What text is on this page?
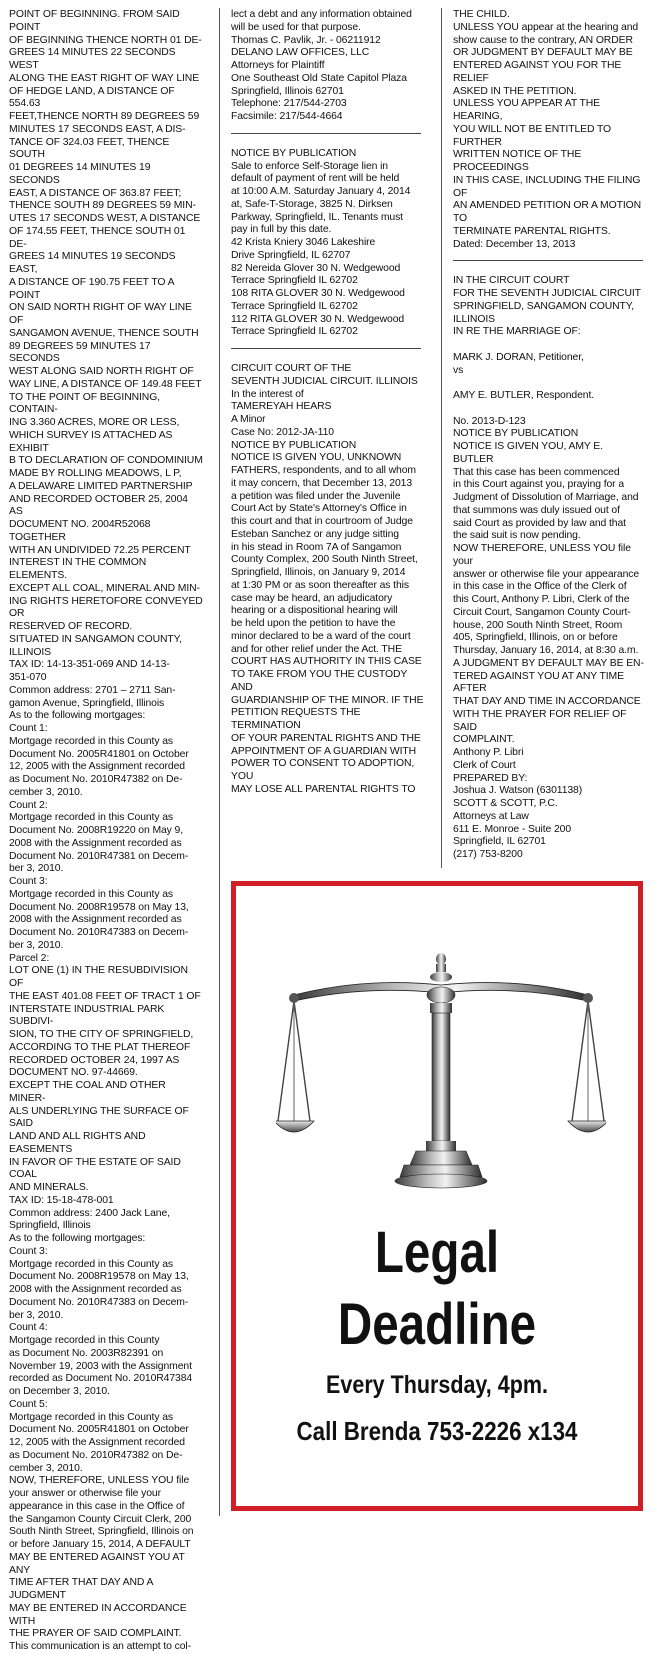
POINT OF BEGINNING. FROM SAID POINT
OF BEGINNING THENCE NORTH 01 DE-
GREES 14 MINUTES 22 SECONDS WEST
ALONG THE EAST RIGHT OF WAY LINE
OF HEDGE LAND, A DISTANCE OF 554.63
FEET,THENCE NORTH 89 DEGREES 59
MINUTES 17 SECONDS EAST, A DIS-
TANCE OF 324.03 FEET, THENCE SOUTH
01 DEGREES 14 MINUTES 19 SECONDS
EAST, A DISTANCE OF 363.87 FEET;
THENCE SOUTH 89 DEGREES 59 MIN-
UTES 17 SECONDS WEST, A DISTANCE
OF 174.55 FEET, THENCE SOUTH 01 DE-
GREES 14 MINUTES 19 SECONDS EAST,
A DISTANCE OF 190.75 FEET TO A POINT
ON SAID NORTH RIGHT OF WAY LINE OF
SANGAMON AVENUE, THENCE SOUTH
89 DEGREES 59 MINUTES 17 SECONDS
WEST ALONG SAID NORTH RIGHT OF
WAY LINE, A DISTANCE OF 149.48 FEET
TO THE POINT OF BEGINNING, CONTAIN-
ING 3.360 ACRES, MORE OR LESS,
WHICH SURVEY IS ATTACHED AS EXHIBIT
B TO DECLARATION OF CONDOMINIUM
MADE BY ROLLING MEADOWS, L P,
A DELAWARE LIMITED PARTNERSHIP
AND RECORDED OCTOBER 25, 2004 AS
DOCUMENT NO. 2004R52068 TOGETHER
WITH AN UNDIVIDED 72.25 PERCENT
INTEREST IN THE COMMON ELEMENTS.
EXCEPT ALL COAL, MINERAL AND MIN-
ING RIGHTS HERETOFORE CONVEYED OR
RESERVED OF RECORD.
SITUATED IN SANGAMON COUNTY,
ILLINOIS
TAX ID: 14-13-351-069 AND 14-13-
351-070
Common address: 2701 – 2711 San-
gamon Avenue, Springfield, Illinois
As to the following mortgages:
Count 1:
Mortgage recorded in this County as
Document No. 2005R41801 on October
12, 2005 with the Assignment recorded
as Document No. 2010R47382 on De-
cember 3, 2010.
Count 2:
Mortgage recorded in this County as
Document No. 2008R19220 on May 9,
2008 with the Assignment recorded as
Document No. 2010R47381 on Decem-
ber 3, 2010.
Count 3:
Mortgage recorded in this County as
Document No. 2008R19578 on May 13,
2008 with the Assignment recorded as
Document No. 2010R47383 on Decem-
ber 3, 2010.
Parcel 2:
LOT ONE (1) IN THE RESUBDIVISION OF
THE EAST 401.08 FEET OF TRACT 1 OF
INTERSTATE INDUSTRIAL PARK SUBDIVI-
SION, TO THE CITY OF SPRINGFIELD,
ACCORDING TO THE PLAT THEREOF
RECORDED OCTOBER 24, 1997 AS
DOCUMENT NO. 97-44669.
EXCEPT THE COAL AND OTHER MINER-
ALS UNDERLYING THE SURFACE OF SAID
LAND AND ALL RIGHTS AND EASEMENTS
IN FAVOR OF THE ESTATE OF SAID COAL
AND MINERALS.
TAX ID: 15-18-478-001
Common address: 2400 Jack Lane,
Springfield, Illinois
As to the following mortgages:
Count 3:
Mortgage recorded in this County as
Document No. 2008R19578 on May 13,
2008 with the Assignment recorded as
Document No. 2010R47383 on Decem-
ber 3, 2010.
Count 4:
Mortgage recorded in this County
as Document No. 2003R82391 on
November 19, 2003 with the Assignment
recorded as Document No. 2010R47384
on December 3, 2010.
Count 5:
Mortgage recorded in this County as
Document No. 2005R41801 on October
12, 2005 with the Assignment recorded
as Document No. 2010R47382 on De-
cember 3, 2010.
NOW, THEREFORE, UNLESS YOU file
your answer or otherwise file your
appearance in this case in the Office of
the Sangamon County Circuit Clerk, 200
South Ninth Street, Springfield, Illinois on
or before January 15, 2014, A DEFAULT
MAY BE ENTERED AGAINST YOU AT ANY
TIME AFTER THAT DAY AND A JUDGMENT
MAY BE ENTERED IN ACCORDANCE WITH
THE PRAYER OF SAID COMPLAINT.
This communication is an attempt to col-

lect a debt and any information obtained
will be used for that purpose.
Thomas C. Pavlik, Jr. - 06211912
DELANO LAW OFFICES, LLC
Attorneys for Plaintiff
One Southeast Old State Capitol Plaza
Springfield, Illinois 62701
Telephone: 217/544-2703
Facsimile: 217/544-4664

NOTICE BY PUBLICATION
Sale to enforce Self-Storage lien in
default of payment of rent will be held
at 10:00 A.M. Saturday January 4, 2014
at, Safe-T-Storage, 3825 N. Dirksen
Parkway, Springfield, IL. Tenants must
pay in full by this date.
42 Krista Kniery 3046 Lakeshire
Drive Springfield, IL 62707
82 Nereida Glover 30 N. Wedgewood
Terrace Springfield IL 62702
108 RITA GLOVER 30 N. Wedgewood
Terrace Springfield IL 62702
112 RITA GLOVER 30 N. Wedgewood
Terrace Springfield IL 62702

CIRCUIT COURT OF THE
SEVENTH JUDICIAL CIRCUIT. ILLINOIS
In the interest of
TAMEREYAH HEARS
A Minor
Case No: 2012-JA-110
NOTICE BY PUBLICATION
NOTICE IS GIVEN YOU, UNKNOWN
FATHERS, respondents, and to all whom
it may concern, that December 13, 2013
a petition was filed under the Juvenile
Court Act by State's Attorney's Office in
this court and that in courtroom of Judge
Esteban Sanchez or any judge sitting
in his stead in Room 7A of Sangamon
County Complex, 200 South Ninth Street,
Springfield, Illinois, on January 9, 2014
at 1:30 PM or as soon thereafter as this
case may be heard, an adjudicatory
hearing or a dispositional hearing will
be held upon the petition to have the
minor declared to be a ward of the court
and for other relief under the Act. THE
COURT HAS AUTHORITY IN THIS CASE
TO TAKE FROM YOU THE CUSTODY AND
GUARDIANSHIP OF THE MINOR. IF THE
PETITION REQUESTS THE TERMINATION
OF YOUR PARENTAL RIGHTS AND THE
APPOINTMENT OF A GUARDIAN WITH
POWER TO CONSENT TO ADOPTION, YOU
MAY LOSE ALL PARENTAL RIGHTS TO

THE CHILD.
UNLESS YOU appear at the hearing and
show cause to the contrary, AN ORDER
OR JUDGMENT BY DEFAULT MAY BE
ENTERED AGAINST YOU FOR THE RELIEF
ASKED IN THE PETITION.
UNLESS YOU APPEAR AT THE HEARING,
YOU WILL NOT BE ENTITLED TO FURTHER
WRITTEN NOTICE OF THE PROCEEDINGS
IN THIS CASE, INCLUDING THE FILING OF
AN AMENDED PETITION OR A MOTION TO
TERMINATE PARENTAL RIGHTS.
Dated: December 13, 2013

IN THE CIRCUIT COURT
FOR THE SEVENTH JUDICIAL CIRCUIT
SPRINGFIELD, SANGAMON COUNTY,
ILLINOIS
IN RE THE MARRIAGE OF:

MARK J. DORAN, Petitioner,
vs

AMY E. BUTLER, Respondent.

No. 2013-D-123
NOTICE BY PUBLICATION
NOTICE IS GIVEN YOU, AMY E. BUTLER
That this case has been commenced
in this Court against you, praying for a
Judgment of Dissolution of Marriage, and
that summons was duly issued out of
said Court as provided by law and that
the said suit is now pending.
NOW THEREFORE, UNLESS YOU file your
answer or otherwise file your appearance
in this case in the Office of the Clerk of
this Court, Anthony P. Libri, Clerk of the
Circuit Court, Sangamon County Court-
house, 200 South Ninth Street, Room
405, Springfield, Illinois, on or before
Thursday, January 16, 2014, at 8:30 a.m.
A JUDGMENT BY DEFAULT MAY BE EN-
TERED AGAINST YOU AT ANY TIME AFTER
THAT DAY AND TIME IN ACCORDANCE
WITH THE PRAYER FOR RELIEF OF SAID
COMPLAINT.
Anthony P. Libri
Clerk of Court
PREPARED BY:
Joshua J. Watson (6301138)
SCOTT & SCOTT, P.C.
Attorneys at Law
611 E. Monroe - Suite 200
Springfield, IL 62701
(217) 753-8200

Legal
Deadline
Every Thursday, 4pm.
Call Brenda 753-2226 x134
